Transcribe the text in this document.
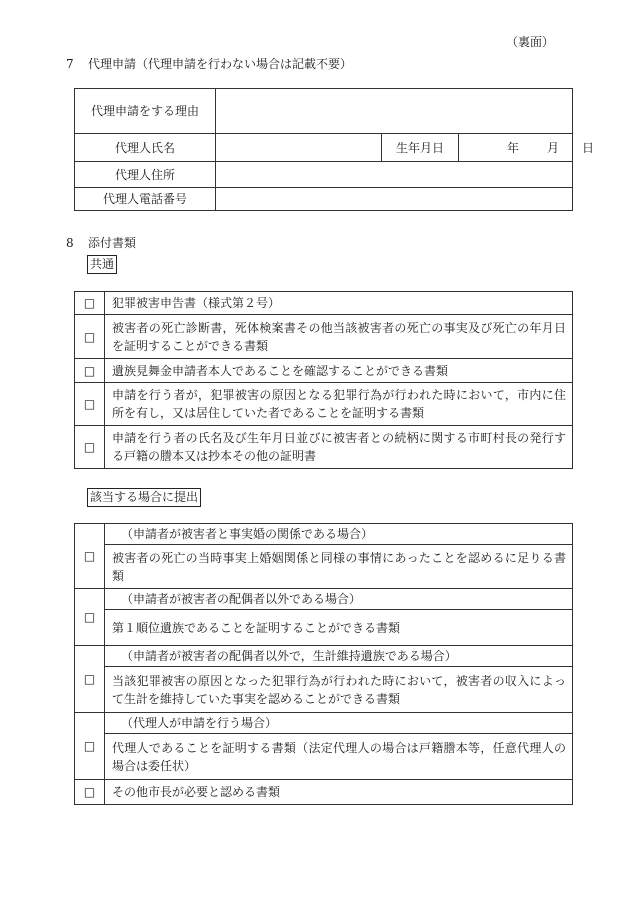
（裏面）
7 代理申請（代理申請を行わない場合は記載不要）
代理申請をする理由			
代理人氏名		生年月日	年 月 日

代理人住所			
代理人電話番号			
8 添付書類
共通
□	犯罪被害申告書（様式第２号）
□	被害者の死亡診断書，死体検案書その他当該被害者の死亡の事実及び死亡の年月日を証明することができる書類
□	遺族見舞金申請者本人であることを確認することができる書類
□	申請を行う者が，犯罪被害の原因となる犯罪行為が行われた時において，市内に住所を有し，又は居住していた者であることを証明する書類
□	申請を行う者の氏名及び生年月日並びに被害者との続柄に関する市町村長の発行する戸籍の謄本又は抄本その他の証明書
該当する場合に提出
□	（申請者が被害者と事実婚の関係である場合）
	被害者の死亡の当時事実上婚姻関係と同様の事情にあったことを認めるに足りる書類
□	（申請者が被害者の配偶者以外である場合）
	第１順位遺族であることを証明することができる書類
□	（申請者が被害者の配偶者以外で，生計維持遺族である場合）
	当該犯罪被害の原因となった犯罪行為が行われた時において，被害者の収入によって生計を維持していた事実を認めることができる書類
□	（代理人が申請を行う場合）
	代理人であることを証明する書類（法定代理人の場合は戸籍謄本等，任意代理人の場合は委任状）
□	その他市長が必要と認める書類
